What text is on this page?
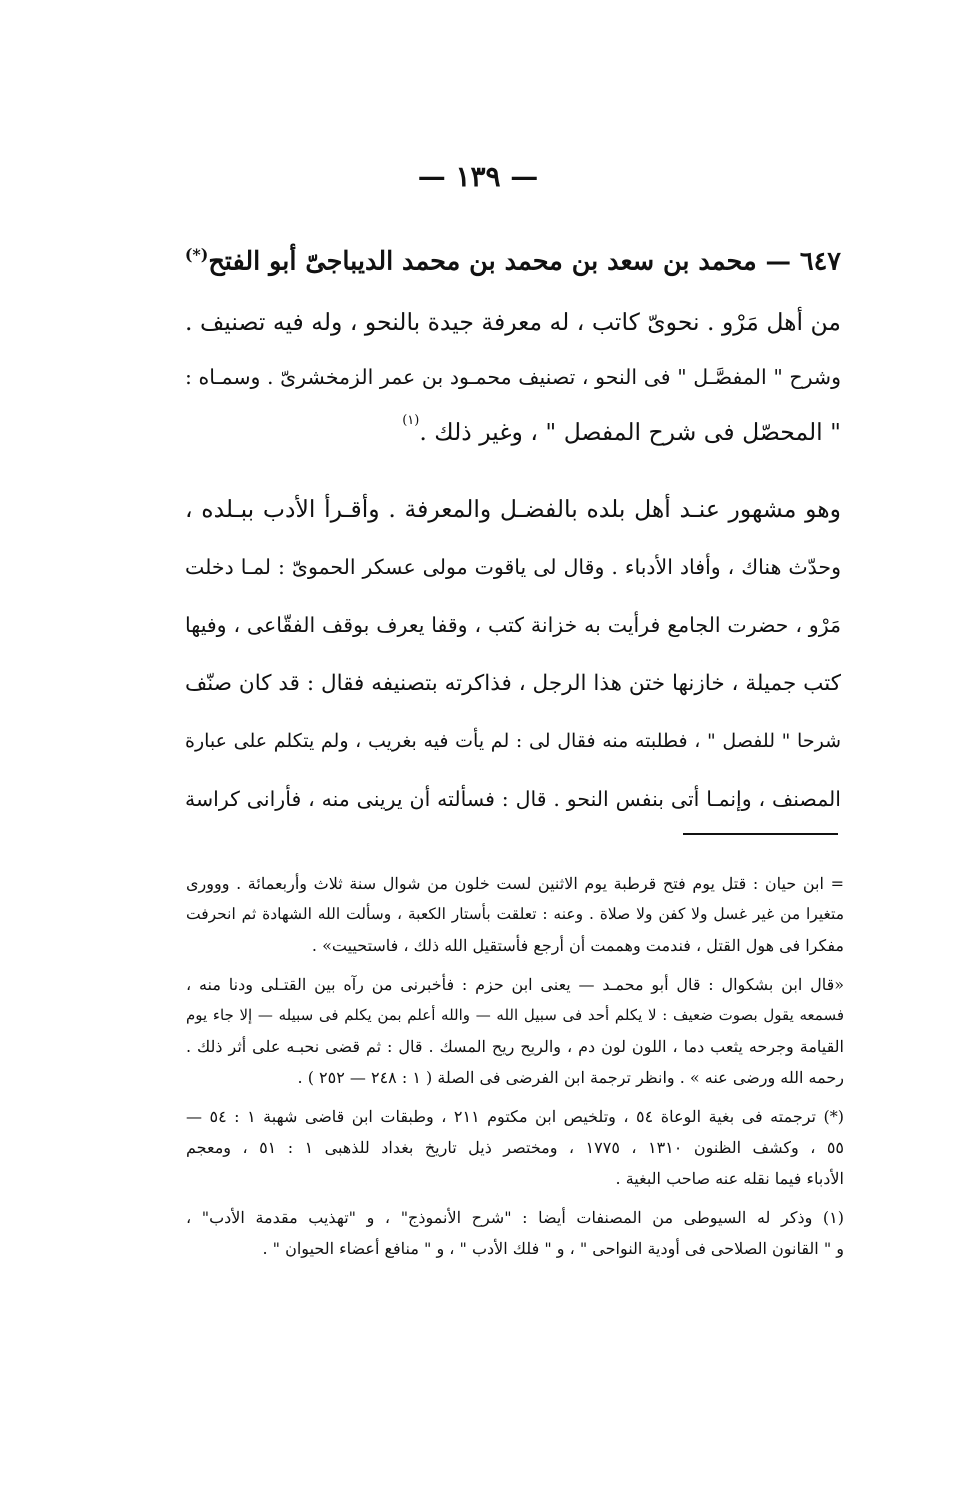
— ١٣٩ —
٦٤٧ — محمد بن سعد بن محمد بن محمد الديباجىّ أبو الفتح(*)

من أهل مَرْو . نحوىّ كاتب ، له معرفة جيدة بالنحو ، وله فيه تصنيف .
وشرح " المفصَّـل " فى النحو ، تصنيف محمـود بن عمر الزمخشرىّ . وسمـاه :
" المحصّل فى شرح المفصل " ، وغير ذلك .$^{(١)}$

وهو مشهور عنـد أهل بلده بالفضـل والمعرفة . وأقـرأ الأدب ببـلده ،
وحدّث هناك ، وأفاد الأدباء . وقال لى ياقوت مولى عسكر الحموىّ : لمـا دخلت
مَرْو ، حضرت الجامع فرأيت به خزانة كتب ، وقفا يعرف بوقف الفقّاعى ، وفيها
كتب جميلة ، خازنها ختن هذا الرجل ، فذاكرته بتصنيفه فقال : قد كان صنّف
شرحا " للفصل " ، فطلبته منه فقال لى : لم يأت فيه بغريب ، ولم يتكلم على عبارة
المصنف ، وإنمـا أتى بنفس النحو . قال : فسألته أن يرينى منه ، فأرانى كراسة

= ابن حيان : قتل يوم فتح قرطبة يوم الاثنين لست خلون من شوال سنة ثلاث وأربعمائة . ووورى
متغيرا من غير غسل ولا كفن ولا صلاة . وعنه : تعلقت بأستار الكعبة ، وسألت الله الشهادة ثم انحرفت
مفكرا فى هول القتل ، فندمت وهممت أن أرجع فأستقيل الله ذلك ، فاستحييت» .
«قال ابن بشكوال : قال أبو محمـد — يعنى ابن حزم : فأخبرنى من رآه بين القتـلى ودنا منه ،
فسمعه يقول بصوت ضعيف : لا يكلم أحد فى سبيل الله — والله أعلم بمن يكلم فى سبيله — إلا جاء يوم
القيامة وجرحه يثعب دما ، اللون لون دم ، والريح ريح المسك . قال : ثم قضى نحبـه على أثر ذلك .
رحمه الله ورضى عنه » . وانظر ترجمة ابن الفرضى فى الصلة ( ١ : ٢٤٨ — ٢٥٢ ) .
(*) ترجمته فى بغية الوعاة ٥٤ ، وتلخيص ابن مكتوم ٢١١ ، وطبقات ابن قاضى شهبة ١ : ٥٤ —
٥٥ ، وكشف الظنون ١٣١٠ ، ١٧٧٥ ، ومختصر ذيل تاريخ بغداد للذهبى ١ : ٥١ ، ومعجم
الأدباء فيما نقله عنه صاحب البغية .
(١) وذكر له السيوطى من المصنفات أيضا : "شرح الأنموذج" ، و "تهذيب مقدمة الأدب" ،
و " القانون الصلاحى فى أودية النواحى " ، و " فلك الأدب " ، و " منافع أعضاء الحيوان " .
